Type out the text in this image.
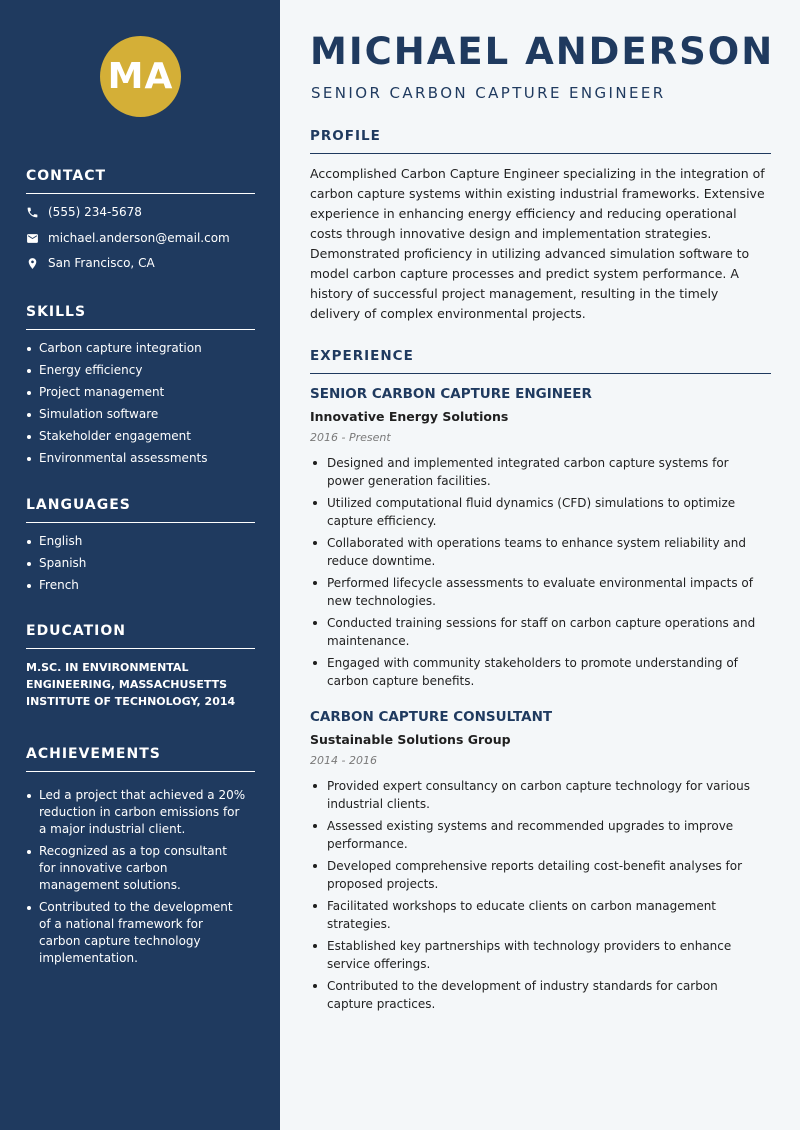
MA
CONTACT
(555) 234-5678
michael.anderson@email.com
San Francisco, CA
SKILLS
Carbon capture integration
Energy efficiency
Project management
Simulation software
Stakeholder engagement
Environmental assessments
LANGUAGES
English
Spanish
French
EDUCATION
M.SC. IN ENVIRONMENTAL ENGINEERING, MASSACHUSETTS INSTITUTE OF TECHNOLOGY, 2014
ACHIEVEMENTS
Led a project that achieved a 20% reduction in carbon emissions for a major industrial client.
Recognized as a top consultant for innovative carbon management solutions.
Contributed to the development of a national framework for carbon capture technology implementation.
MICHAEL ANDERSON
SENIOR CARBON CAPTURE ENGINEER
PROFILE
Accomplished Carbon Capture Engineer specializing in the integration of carbon capture systems within existing industrial frameworks. Extensive experience in enhancing energy efficiency and reducing operational costs through innovative design and implementation strategies. Demonstrated proficiency in utilizing advanced simulation software to model carbon capture processes and predict system performance. A history of successful project management, resulting in the timely delivery of complex environmental projects.
EXPERIENCE
SENIOR CARBON CAPTURE ENGINEER
Innovative Energy Solutions
2016 - Present
Designed and implemented integrated carbon capture systems for power generation facilities.
Utilized computational fluid dynamics (CFD) simulations to optimize capture efficiency.
Collaborated with operations teams to enhance system reliability and reduce downtime.
Performed lifecycle assessments to evaluate environmental impacts of new technologies.
Conducted training sessions for staff on carbon capture operations and maintenance.
Engaged with community stakeholders to promote understanding of carbon capture benefits.
CARBON CAPTURE CONSULTANT
Sustainable Solutions Group
2014 - 2016
Provided expert consultancy on carbon capture technology for various industrial clients.
Assessed existing systems and recommended upgrades to improve performance.
Developed comprehensive reports detailing cost-benefit analyses for proposed projects.
Facilitated workshops to educate clients on carbon management strategies.
Established key partnerships with technology providers to enhance service offerings.
Contributed to the development of industry standards for carbon capture practices.
